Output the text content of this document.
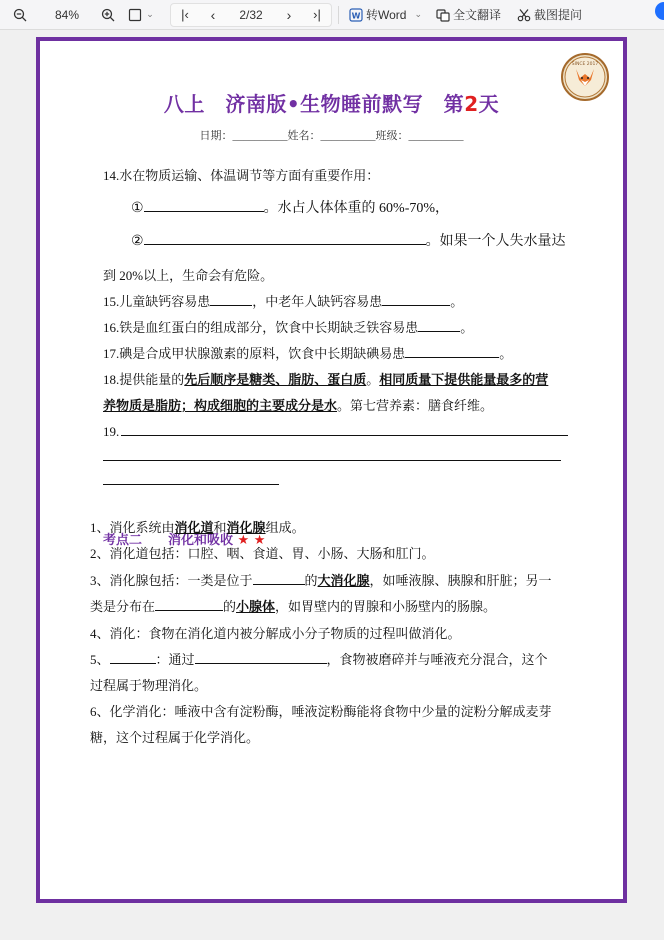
84%	⌄	|‹	‹	2/32	›	›|	W 转Word ⌄	全文翻译	截图提问
SINCE 2017
八上　济南版•生物睡前默写　第2天
日期：__________姓名：__________班级：__________
14.水在物质运输、体温调节等方面有重要作用：
①	。水占人体体重的 60%-70%，
②	。如果一个人失水量达
到 20%以上，生命会有危险。
15.儿童缺钙容易患	，中老年人缺钙容易患	。
16.铁是血红蛋白的组成部分，饮食中长期缺乏铁容易患	。
17.碘是合成甲状腺激素的原料，饮食中长期缺碘易患	。
18.提供能量的先后顺序是糖类、脂肪、蛋白质。相同质量下提供能量最多的营
养物质是脂肪；构成细胞的主要成分是水。第七营养素：膳食纤维。
19.
考点二　　消化和吸收 ★ ★
1、消化系统由消化道和消化腺组成。
2、消化道包括：口腔、咽、食道、胃、小肠、大肠和肛门。
3、消化腺包括：一类是位于	的大消化腺，如唾液腺、胰腺和肝脏；另一
类是分布在	的小腺体，如胃壁内的胃腺和小肠壁内的肠腺。
4、消化：食物在消化道内被分解成小分子物质的过程叫做消化。
5、	：通过	，食物被磨碎并与唾液充分混合，这个
过程属于物理消化。
6、化学消化：唾液中含有淀粉酶，唾液淀粉酶能将食物中少量的淀粉分解成麦芽
糖，这个过程属于化学消化。
